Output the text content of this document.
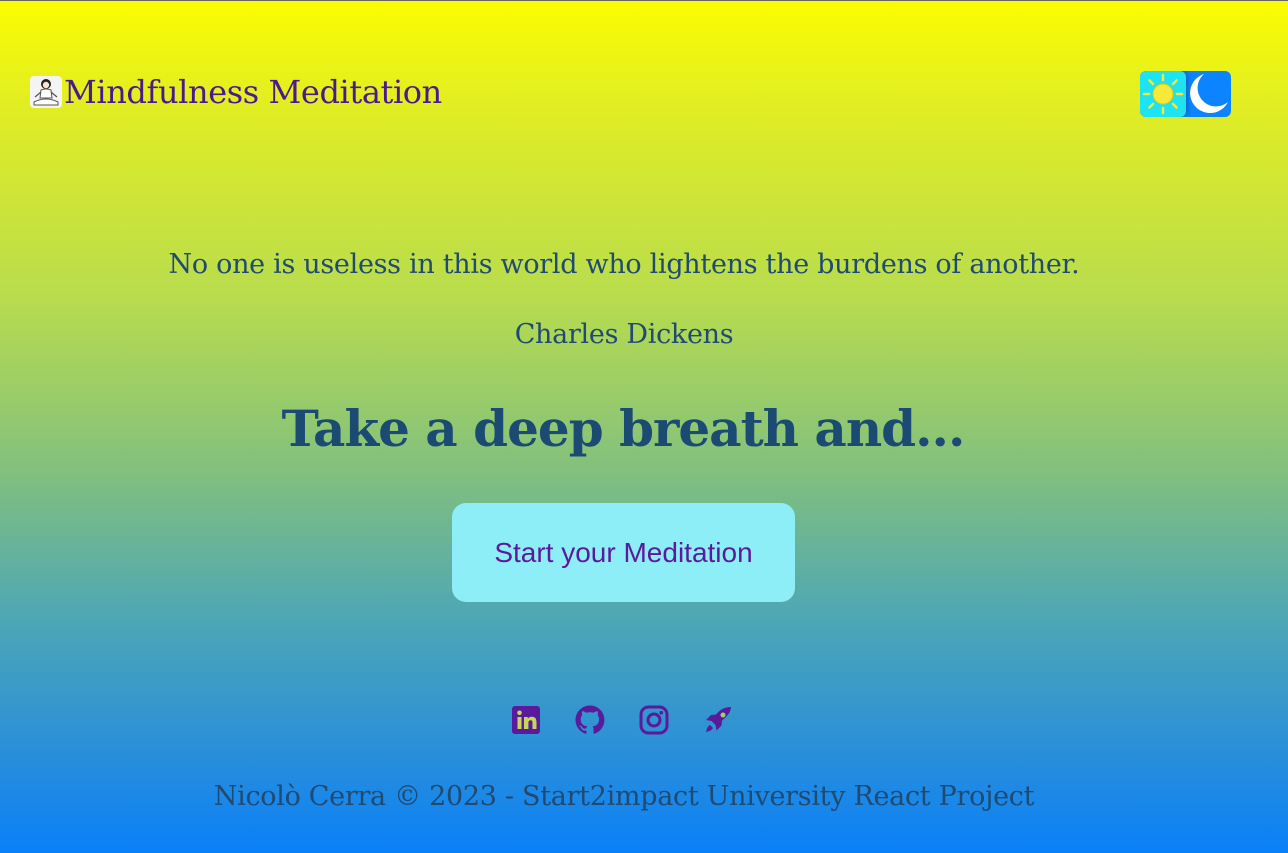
Mindfulness Meditation
No one is useless in this world who lightens the burdens of another.
Charles Dickens
Take a deep breath and...
Start your Meditation
Nicolò Cerra © 2023 - Start2impact University React Project
